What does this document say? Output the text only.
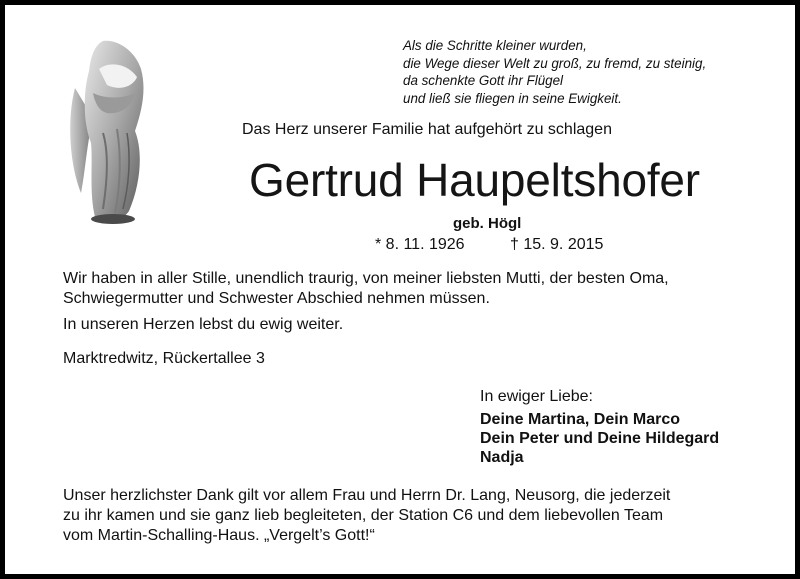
Als die Schritte kleiner wurden,
die Wege dieser Welt zu groß, zu fremd, zu steinig,
da schenkte Gott ihr Flügel
und ließ sie fliegen in seine Ewigkeit.
Das Herz unserer Familie hat aufgehört zu schlagen
Gertrud Haupeltshofer
geb. Högl
* 8. 11. 1926	† 15. 9. 2015
Wir haben in aller Stille, unendlich traurig, von meiner liebsten Mutti, der besten Oma,
Schwiegermutter und Schwester Abschied nehmen müssen.
In unseren Herzen lebst du ewig weiter.
Marktredwitz, Rückertallee 3
In ewiger Liebe:
Deine Martina, Dein Marco
Dein Peter und Deine Hildegard
Nadja
Unser herzlichster Dank gilt vor allem Frau und Herrn Dr. Lang, Neusorg, die jederzeit
zu ihr kamen und sie ganz lieb begleiteten, der Station C6 und dem liebevollen Team
vom Martin-Schalling-Haus. „Vergelt’s Gott!“
